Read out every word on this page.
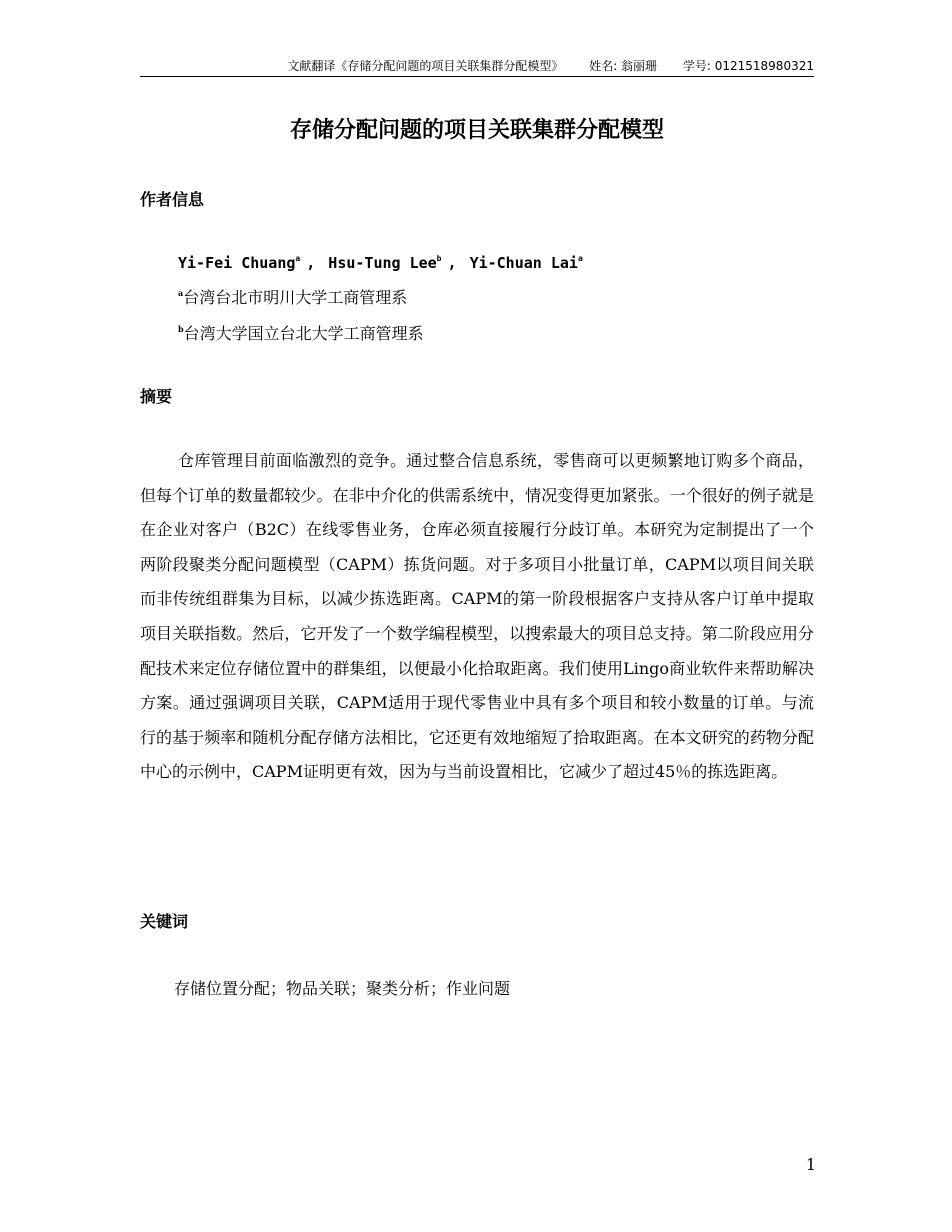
文献翻译《存储分配问题的项目关联集群分配模型》 姓名: 翁丽珊 学号: 0121518980321
存储分配问题的项目关联集群分配模型
作者信息
Yi-Fei Chuang$^a$ , Hsu-Tung Lee$^b$ , Yi-Chuan Lai$^a$
$^a$台湾台北市明川大学工商管理系
$^b$台湾大学国立台北大学工商管理系
摘要

仓库管理目前面临激烈的竞争。通过整合信息系统，零售商可以更频繁地订购多个商品，但每个订单的数量都较少。在非中介化的供需系统中，情况变得更加紧张。一个很好的例子就是在企业对客户（B2C）在线零售业务，仓库必须直接履行分歧订单。本研究为定制提出了一个两阶段聚类分配问题模型（CAPM）拣货问题。对于多项目小批量订单，CAPM以项目间关联而非传统组群集为目标，以减少拣选距离。CAPM的第一阶段根据客户支持从客户订单中提取项目关联指数。然后，它开发了一个数学编程模型，以搜索最大的项目总支持。第二阶段应用分配技术来定位存储位置中的群集组，以便最小化拾取距离。我们使用Lingo商业软件来帮助解决方案。通过强调项目关联，CAPM适用于现代零售业中具有多个项目和较小数量的订单。与流行的基于频率和随机分配存储方法相比，它还更有效地缩短了拾取距离。在本文研究的药物分配中心的示例中，CAPM证明更有效，因为与当前设置相比，它减少了超过45％的拣选距离。

关键词
存储位置分配；物品关联；聚类分析；作业问题
1
